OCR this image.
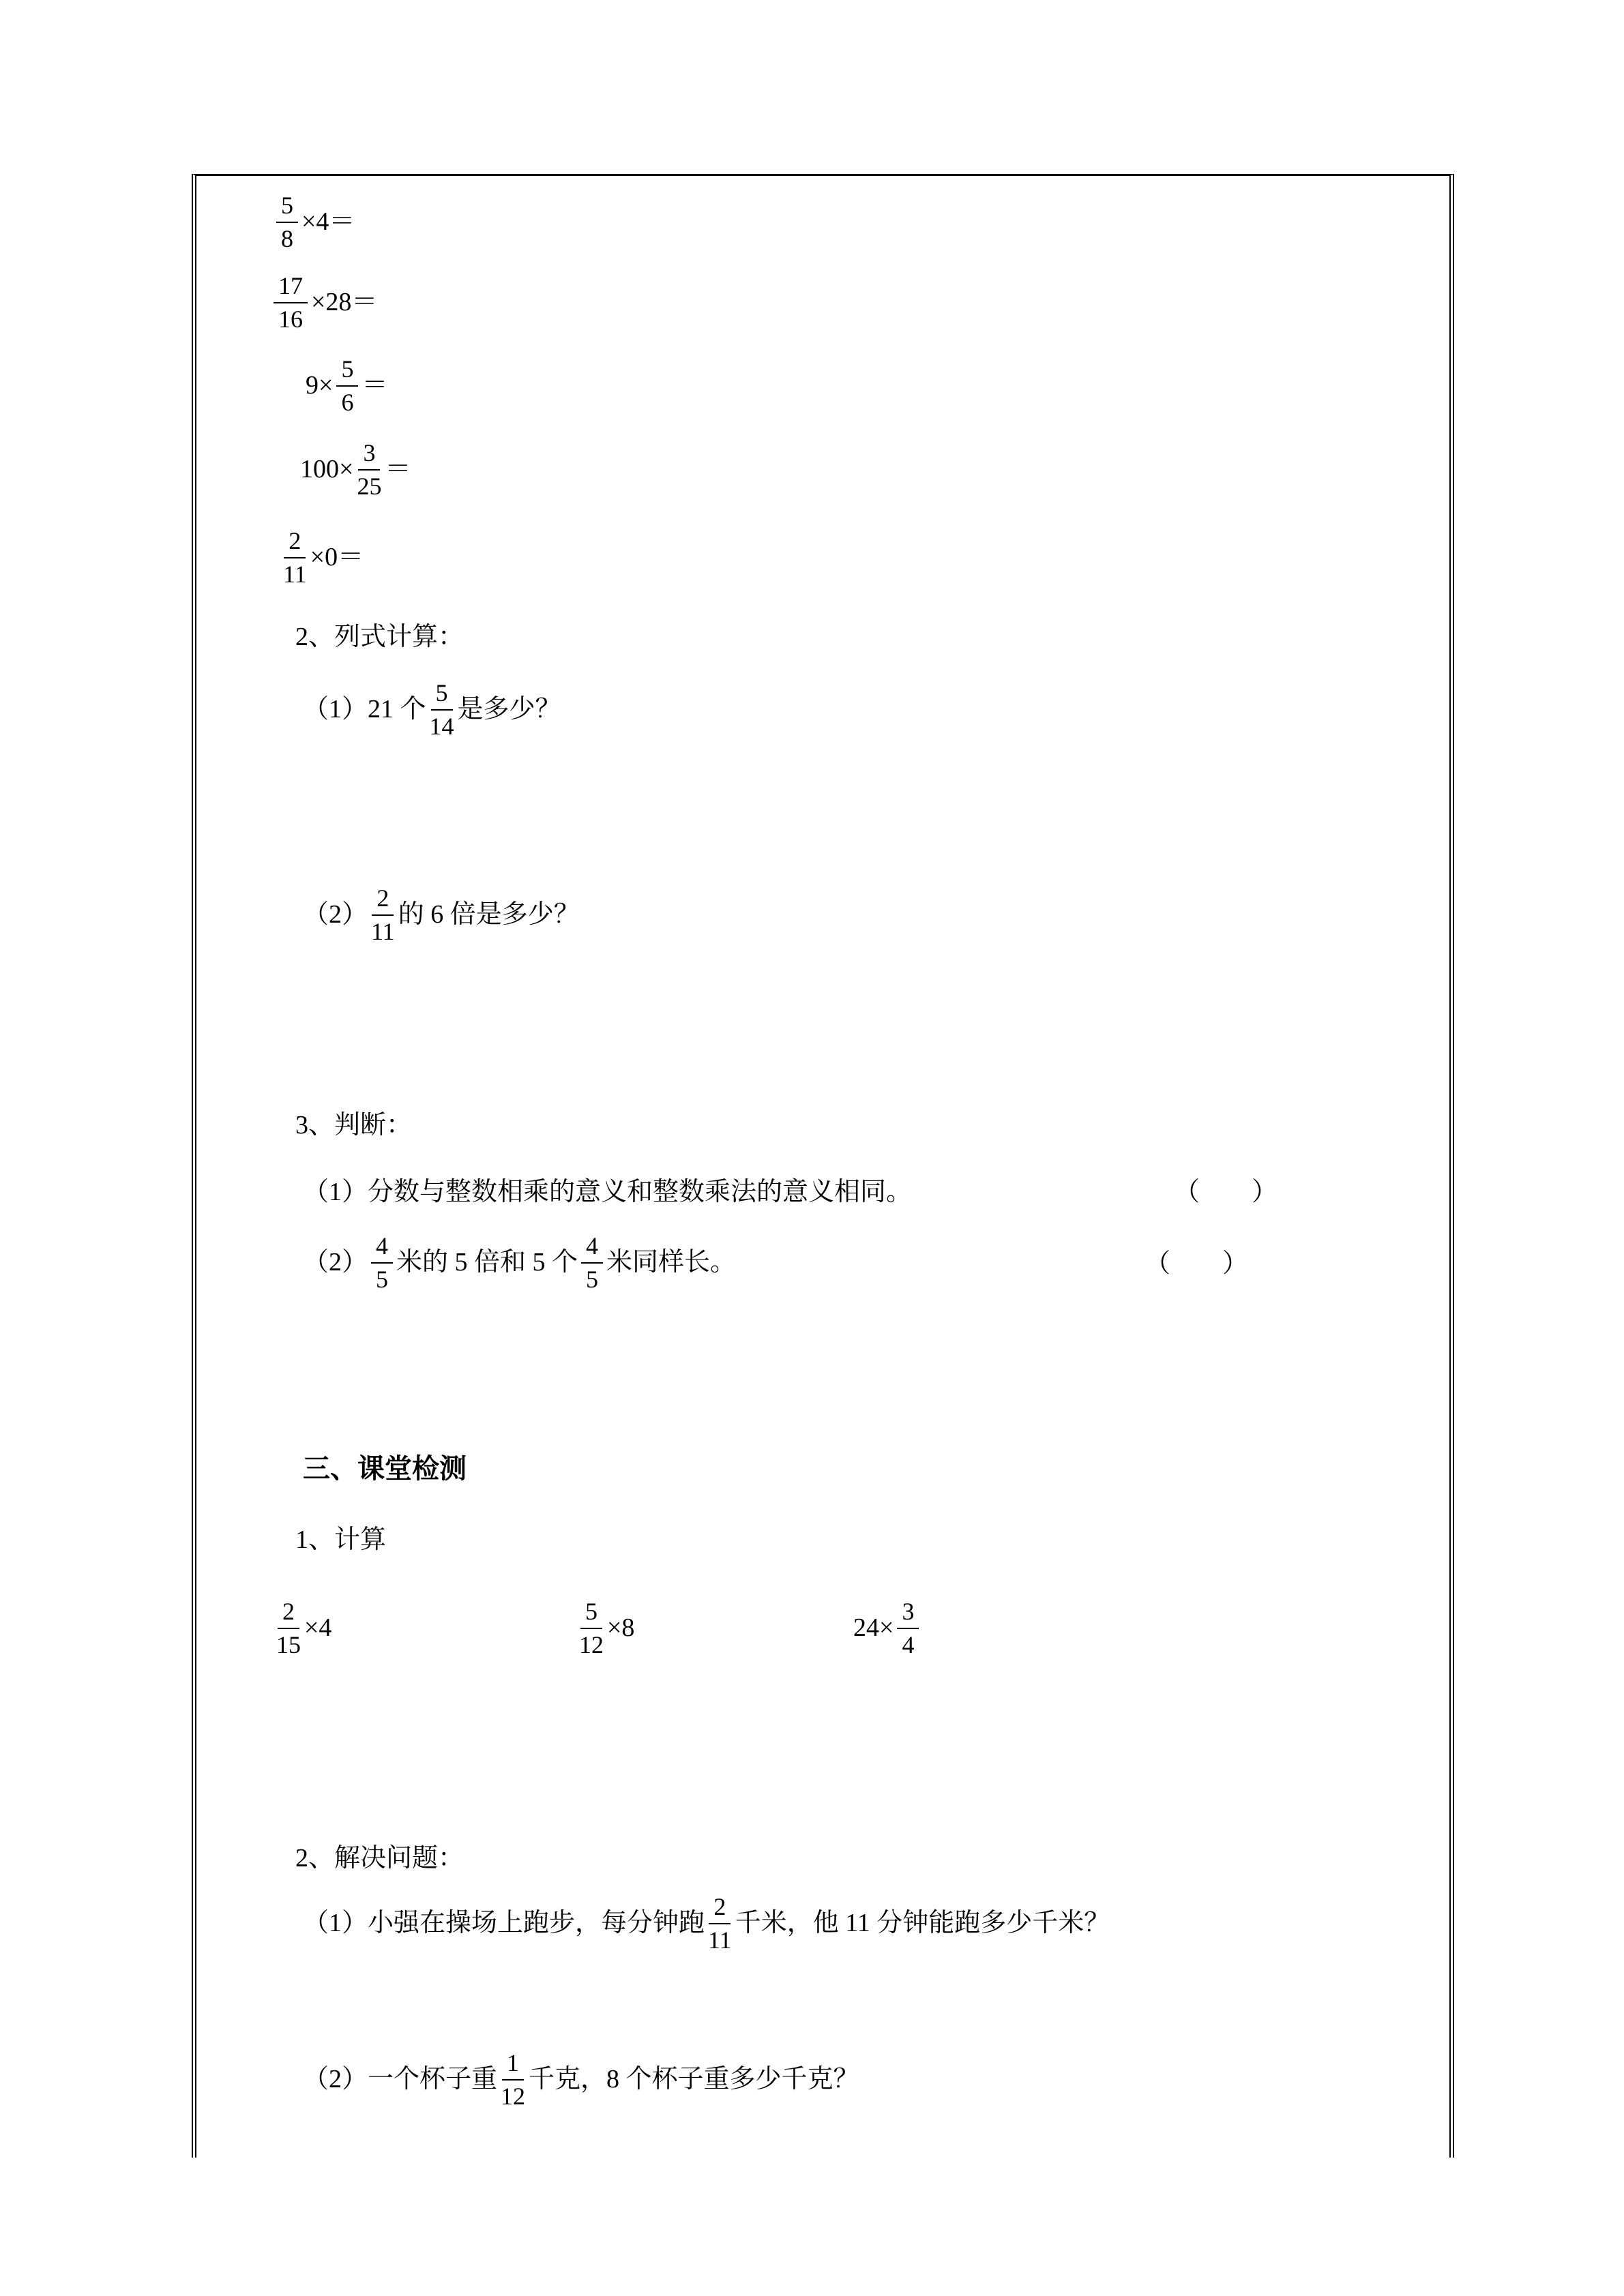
$\frac{5}{8} \times 4=$
$\frac{17}{16} \times 28=$
$9\times \frac{5}{6}$ ＝
$100\times \frac{3}{25}$ ＝
$\frac{2}{11} \times 0=$
2、列式计算：
（1）21 个 $\frac{5}{14}$ 是多少？
$(2) \frac{2}{11}$ 的 6 倍是多少？
3、判断：
（1）分数与整数相乘的意义和整数乘法的意义相同。	（　　）
$(2) \frac{4}{5}$ 米的 5 倍和 5 个 $\frac{4}{5}$ 米同样长。	（　　）
三、课堂检测
1、计算
$\frac{2}{15} \times 4$	$\frac{5}{12} \times 8$	$24\times \frac{3}{4}$
2、解决问题：
（1）小强在操场上跑步，每分钟跑 $\frac{2}{11}$ 千米，他 11 分钟能跑多少千米？
（2）一个杯子重 $\frac{1}{12}$ 千克，8 个杯子重多少千克？
